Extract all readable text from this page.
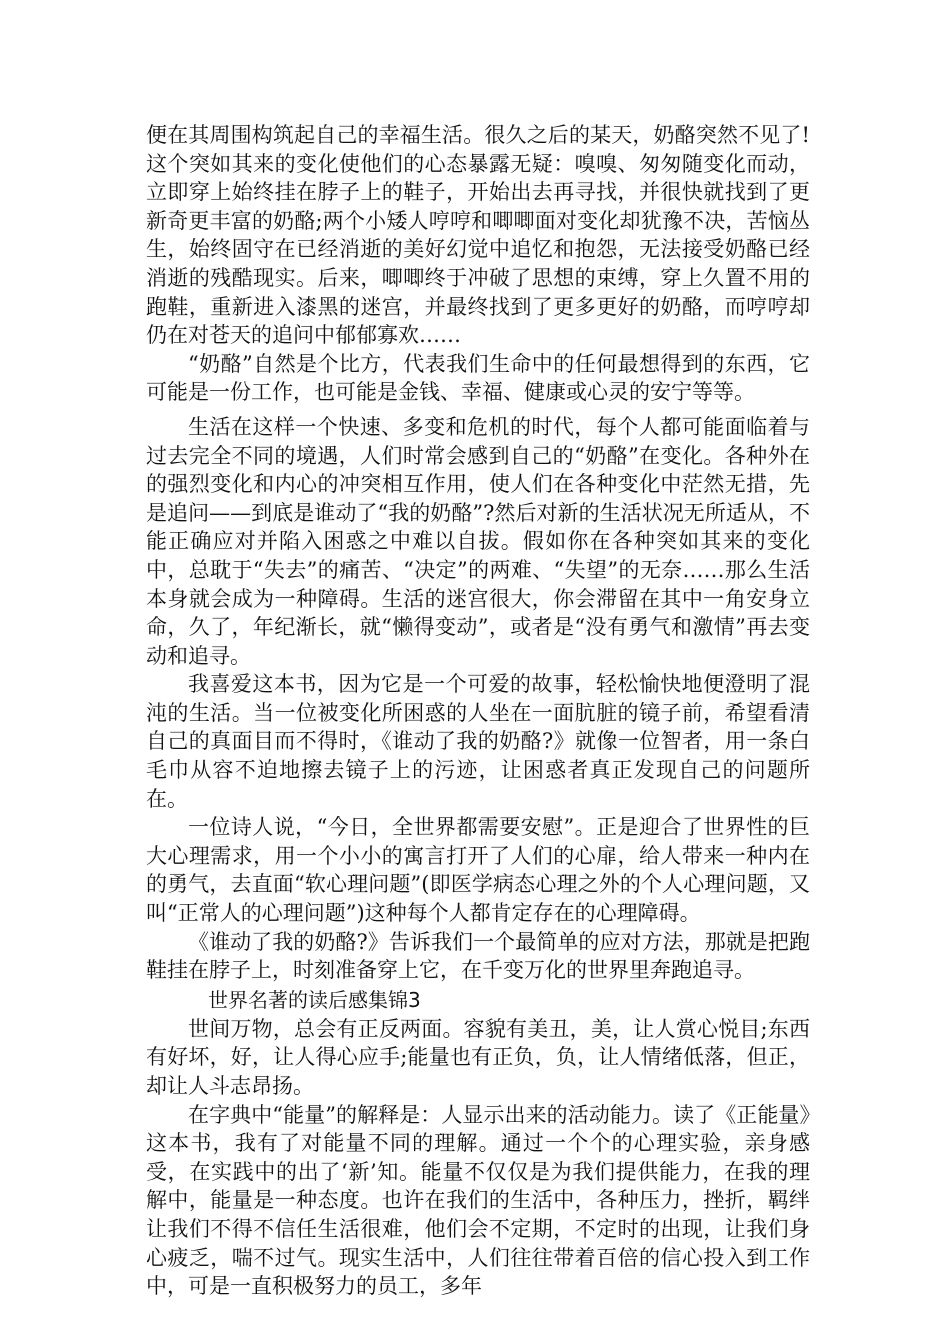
便在其周围构筑起自己的幸福生活。很久之后的某天，奶酪突然不见了!这个突如其来的变化使他们的心态暴露无疑：嗅嗅、匆匆随变化而动，立即穿上始终挂在脖子上的鞋子，开始出去再寻找，并很快就找到了更新奇更丰富的奶酪;两个小矮人哼哼和唧唧面对变化却犹豫不决，苦恼丛生，始终固守在已经消逝的美好幻觉中追忆和抱怨，无法接受奶酪已经消逝的残酷现实。后来，唧唧终于冲破了思想的束缚，穿上久置不用的跑鞋，重新进入漆黑的迷宫，并最终找到了更多更好的奶酪，而哼哼却仍在对苍天的追问中郁郁寡欢……

“奶酪”自然是个比方，代表我们生命中的任何最想得到的东西，它可能是一份工作，也可能是金钱、幸福、健康或心灵的安宁等等。

生活在这样一个快速、多变和危机的时代，每个人都可能面临着与过去完全不同的境遇，人们时常会感到自己的“奶酪”在变化。各种外在的强烈变化和内心的冲突相互作用，使人们在各种变化中茫然无措，先是追问——到底是谁动了“我的奶酪”?然后对新的生活状况无所适从，不能正确应对并陷入困惑之中难以自拔。假如你在各种突如其来的变化中，总耽于“失去”的痛苦、“决定”的两难、“失望”的无奈……那么生活本身就会成为一种障碍。生活的迷宫很大，你会滞留在其中一角安身立命，久了，年纪渐长，就“懒得变动”，或者是“没有勇气和激情”再去变动和追寻。

我喜爱这本书，因为它是一个可爱的故事，轻松愉快地便澄明了混沌的生活。当一位被变化所困惑的人坐在一面肮脏的镜子前，希望看清自己的真面目而不得时，《谁动了我的奶酪?》就像一位智者，用一条白毛巾从容不迫地擦去镜子上的污迹，让困惑者真正发现自己的问题所在。

一位诗人说，“今日，全世界都需要安慰”。正是迎合了世界性的巨大心理需求，用一个小小的寓言打开了人们的心扉，给人带来一种内在的勇气，去直面“软心理问题”(即医学病态心理之外的个人心理问题，又叫“正常人的心理问题”)这种每个人都肯定存在的心理障碍。

《谁动了我的奶酪?》告诉我们一个最简单的应对方法，那就是把跑鞋挂在脖子上，时刻准备穿上它，在千变万化的世界里奔跑追寻。

世界名著的读后感集锦3

世间万物，总会有正反两面。容貌有美丑，美，让人赏心悦目;东西有好坏，好，让人得心应手;能量也有正负，负，让人情绪低落，但正，却让人斗志昂扬。

在字典中“能量”的解释是：人显示出来的活动能力。读了《正能量》这本书，我有了对能量不同的理解。通过一个个的心理实验，亲身感受，在实践中的出了‘新’知。能量不仅仅是为我们提供能力，在我的理解中，能量是一种态度。也许在我们的生活中，各种压力，挫折，羁绊让我们不得不信任生活很难，他们会不定期，不定时的出现，让我们身心疲乏，喘不过气。现实生活中，人们往往带着百倍的信心投入到工作中，可是一直积极努力的员工，多年
